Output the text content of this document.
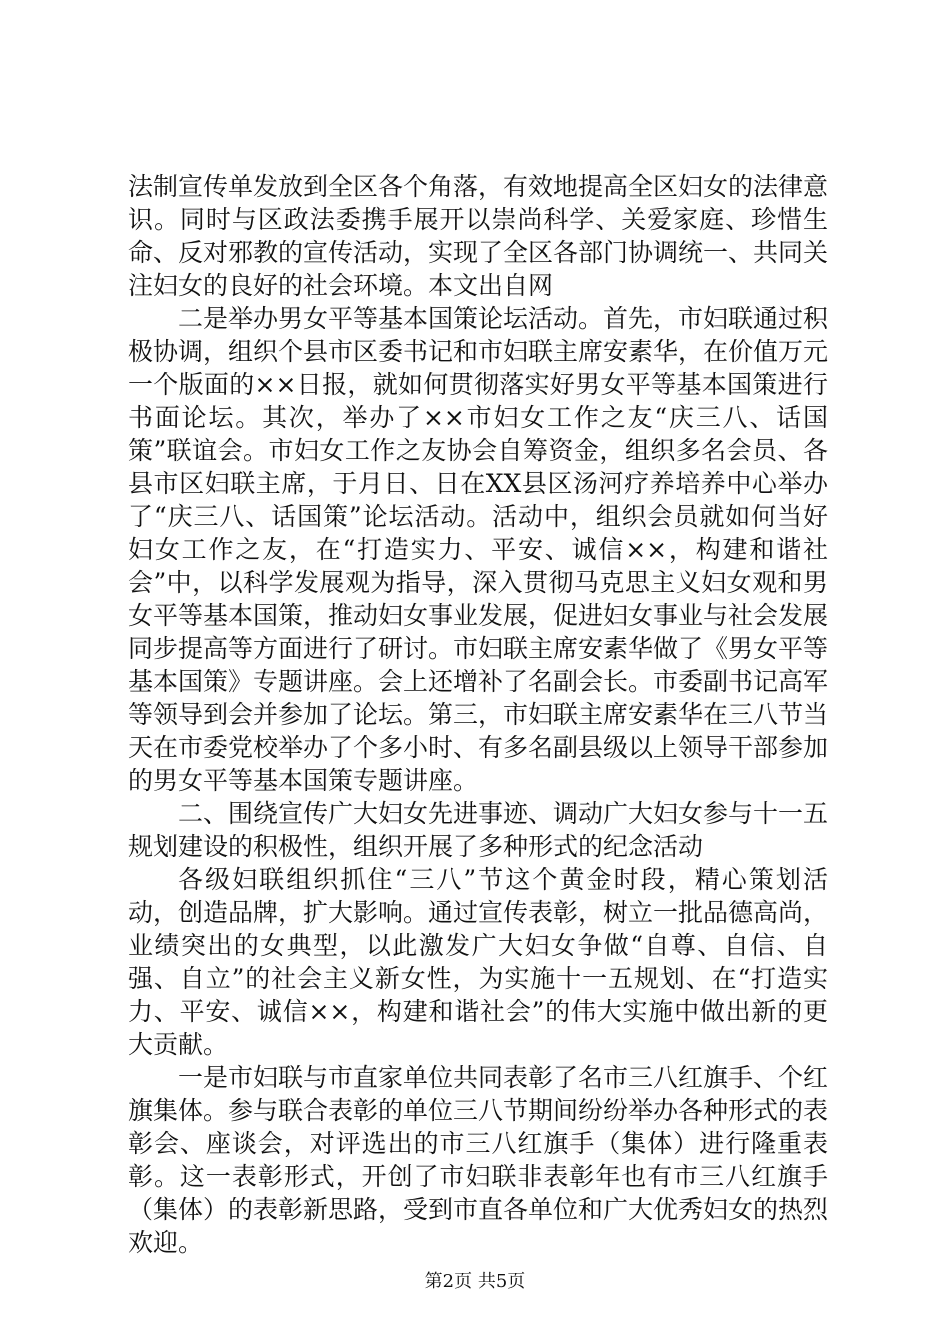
法制宣传单发放到全区各个角落，有效地提高全区妇女的法律意识。同时与区政法委携手展开以崇尚科学、关爱家庭、珍惜生命、反对邪教的宣传活动，实现了全区各部门协调统一、共同关注妇女的良好的社会环境。本文出自网

二是举办男女平等基本国策论坛活动。首先，市妇联通过积极协调，组织个县市区委书记和市妇联主席安素华，在价值万元一个版面的××日报，就如何贯彻落实好男女平等基本国策进行书面论坛。其次，举办了××市妇女工作之友“庆三八、话国策”联谊会。市妇女工作之友协会自筹资金，组织多名会员、各县市区妇联主席，于月日、日在XX县区汤河疗养培养中心举办了“庆三八、话国策”论坛活动。活动中，组织会员就如何当好妇女工作之友，在“打造实力、平安、诚信××，构建和谐社会”中，以科学发展观为指导，深入贯彻马克思主义妇女观和男女平等基本国策，推动妇女事业发展，促进妇女事业与社会发展同步提高等方面进行了研讨。市妇联主席安素华做了《男女平等基本国策》专题讲座。会上还增补了名副会长。市委副书记高军等领导到会并参加了论坛。第三，市妇联主席安素华在三八节当天在市委党校举办了个多小时、有多名副县级以上领导干部参加的男女平等基本国策专题讲座。

二、围绕宣传广大妇女先进事迹、调动广大妇女参与十一五规划建设的积极性，组织开展了多种形式的纪念活动

各级妇联组织抓住“三八”节这个黄金时段，精心策划活动，创造品牌，扩大影响。通过宣传表彰，树立一批品德高尚，业绩突出的女典型，以此激发广大妇女争做“自尊、自信、自强、自立”的社会主义新女性，为实施十一五规划、在“打造实力、平安、诚信××，构建和谐社会”的伟大实施中做出新的更大贡献。

一是市妇联与市直家单位共同表彰了名市三八红旗手、个红旗集体。参与联合表彰的单位三八节期间纷纷举办各种形式的表彰会、座谈会，对评选出的市三八红旗手（集体）进行隆重表彰。这一表彰形式，开创了市妇联非表彰年也有市三八红旗手（集体）的表彰新思路，受到市直各单位和广大优秀妇女的热烈欢迎。

第2页 共5页
